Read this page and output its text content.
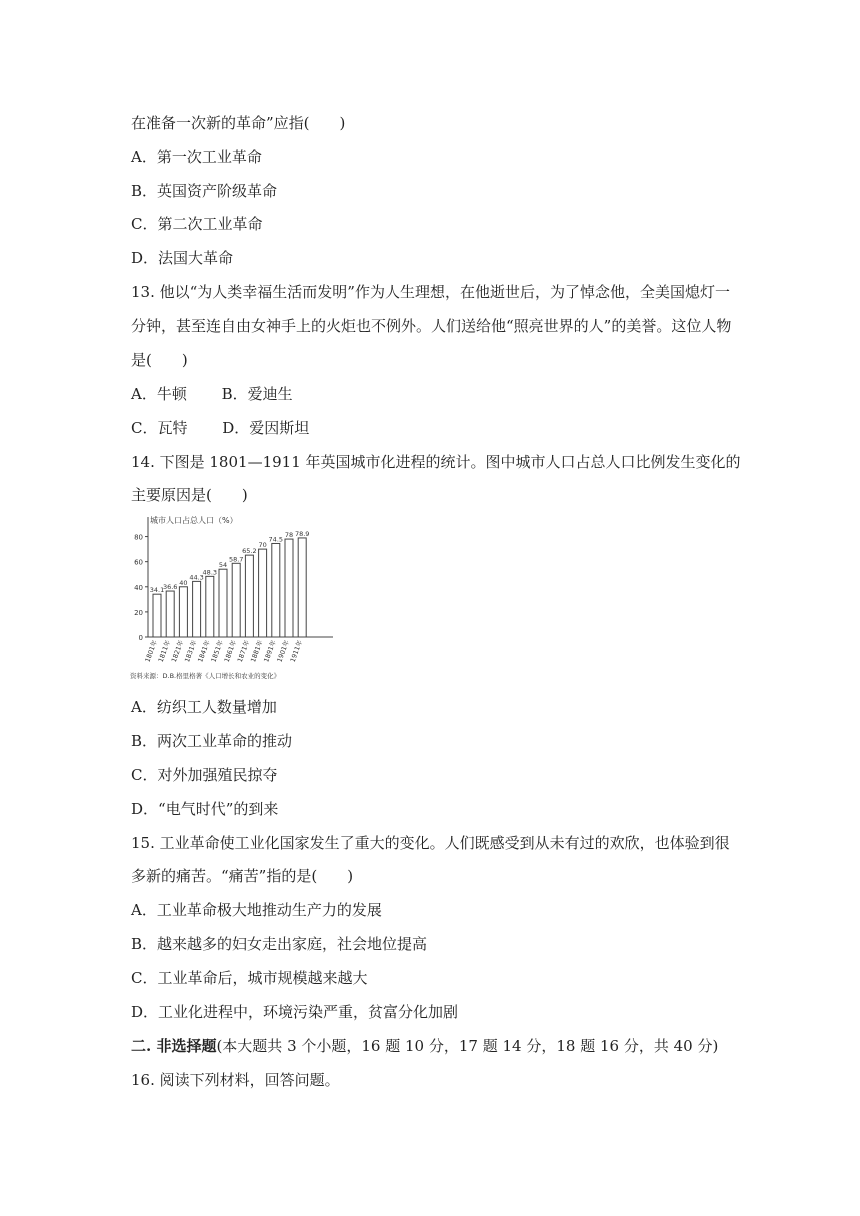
在准备一次新的革命”应指(　　)
A．第一次工业革命
B．英国资产阶级革命
C．第二次工业革命
D．法国大革命
13. 他以“为人类幸福生活而发明”作为人生理想，在他逝世后，为了悼念他，全美国熄灯一
分钟，甚至连自由女神手上的火炬也不例外。人们送给他“照亮世界的人”的美誉。这位人物
是(　　)
A．牛顿　　 B．爱迪生
C．瓦特　　 D．爱因斯坦
14. 下图是 1801—1911 年英国城市化进程的统计。图中城市人口占总人口比例发生变化的
主要原因是(　　)
城市人口占总人口（%）
0
20
40
60
80
34.1
1801年
36.6
1811年
40
1821年
44.3
1831年
48.3
1841年
54
1851年
58.7
1861年
65.2
1871年
70
1881年
74.5
1891年
78
1901年
78.9
1911年
资料来源：D.B.格里格著《人口增长和农业的变化》
A．纺织工人数量增加
B．两次工业革命的推动
C．对外加强殖民掠夺
D．“电气时代”的到来
15. 工业革命使工业化国家发生了重大的变化。人们既感受到从未有过的欢欣，也体验到很
多新的痛苦。“痛苦”指的是(　　)
A．工业革命极大地推动生产力的发展
B．越来越多的妇女走出家庭，社会地位提高
C．工业革命后，城市规模越来越大
D．工业化进程中，环境污染严重，贫富分化加剧
二. 非选择题(本大题共 3 个小题，16 题 10 分，17 题 14 分，18 题 16 分，共 40 分)
16. 阅读下列材料，回答问题。
